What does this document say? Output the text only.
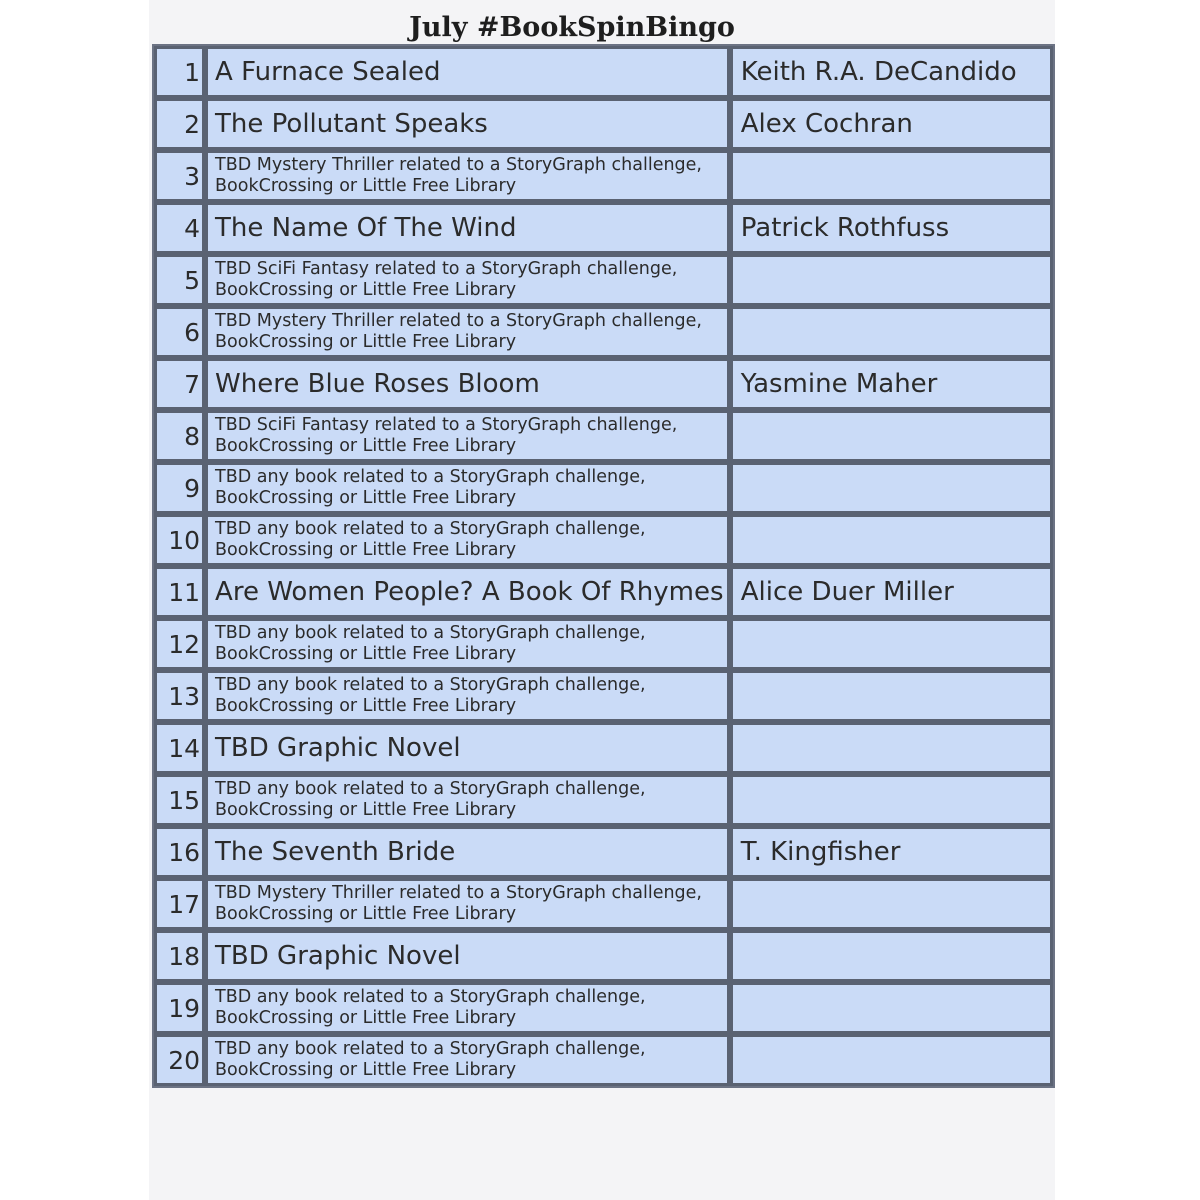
July #BookSpinBingo
1	A Furnace Sealed	Keith R.A. DeCandido
2	The Pollutant Speaks	Alex Cochran
3	TBD Mystery Thriller related to a StoryGraph challenge, BookCrossing or Little Free Library	
4	The Name Of The Wind	Patrick Rothfuss
5	TBD SciFi Fantasy related to a StoryGraph challenge, BookCrossing or Little Free Library	
6	TBD Mystery Thriller related to a StoryGraph challenge, BookCrossing or Little Free Library	
7	Where Blue Roses Bloom	Yasmine Maher
8	TBD SciFi Fantasy related to a StoryGraph challenge, BookCrossing or Little Free Library	
9	TBD any book related to a StoryGraph challenge, BookCrossing or Little Free Library	
10	TBD any book related to a StoryGraph challenge, BookCrossing or Little Free Library	
11	Are Women People? A Book Of Rhymes	Alice Duer Miller
12	TBD any book related to a StoryGraph challenge, BookCrossing or Little Free Library	
13	TBD any book related to a StoryGraph challenge, BookCrossing or Little Free Library	
14	TBD Graphic Novel	
15	TBD any book related to a StoryGraph challenge, BookCrossing or Little Free Library	
16	The Seventh Bride	T. Kingfisher
17	TBD Mystery Thriller related to a StoryGraph challenge, BookCrossing or Little Free Library	
18	TBD Graphic Novel	
19	TBD any book related to a StoryGraph challenge, BookCrossing or Little Free Library	
20	TBD any book related to a StoryGraph challenge, BookCrossing or Little Free Library	
